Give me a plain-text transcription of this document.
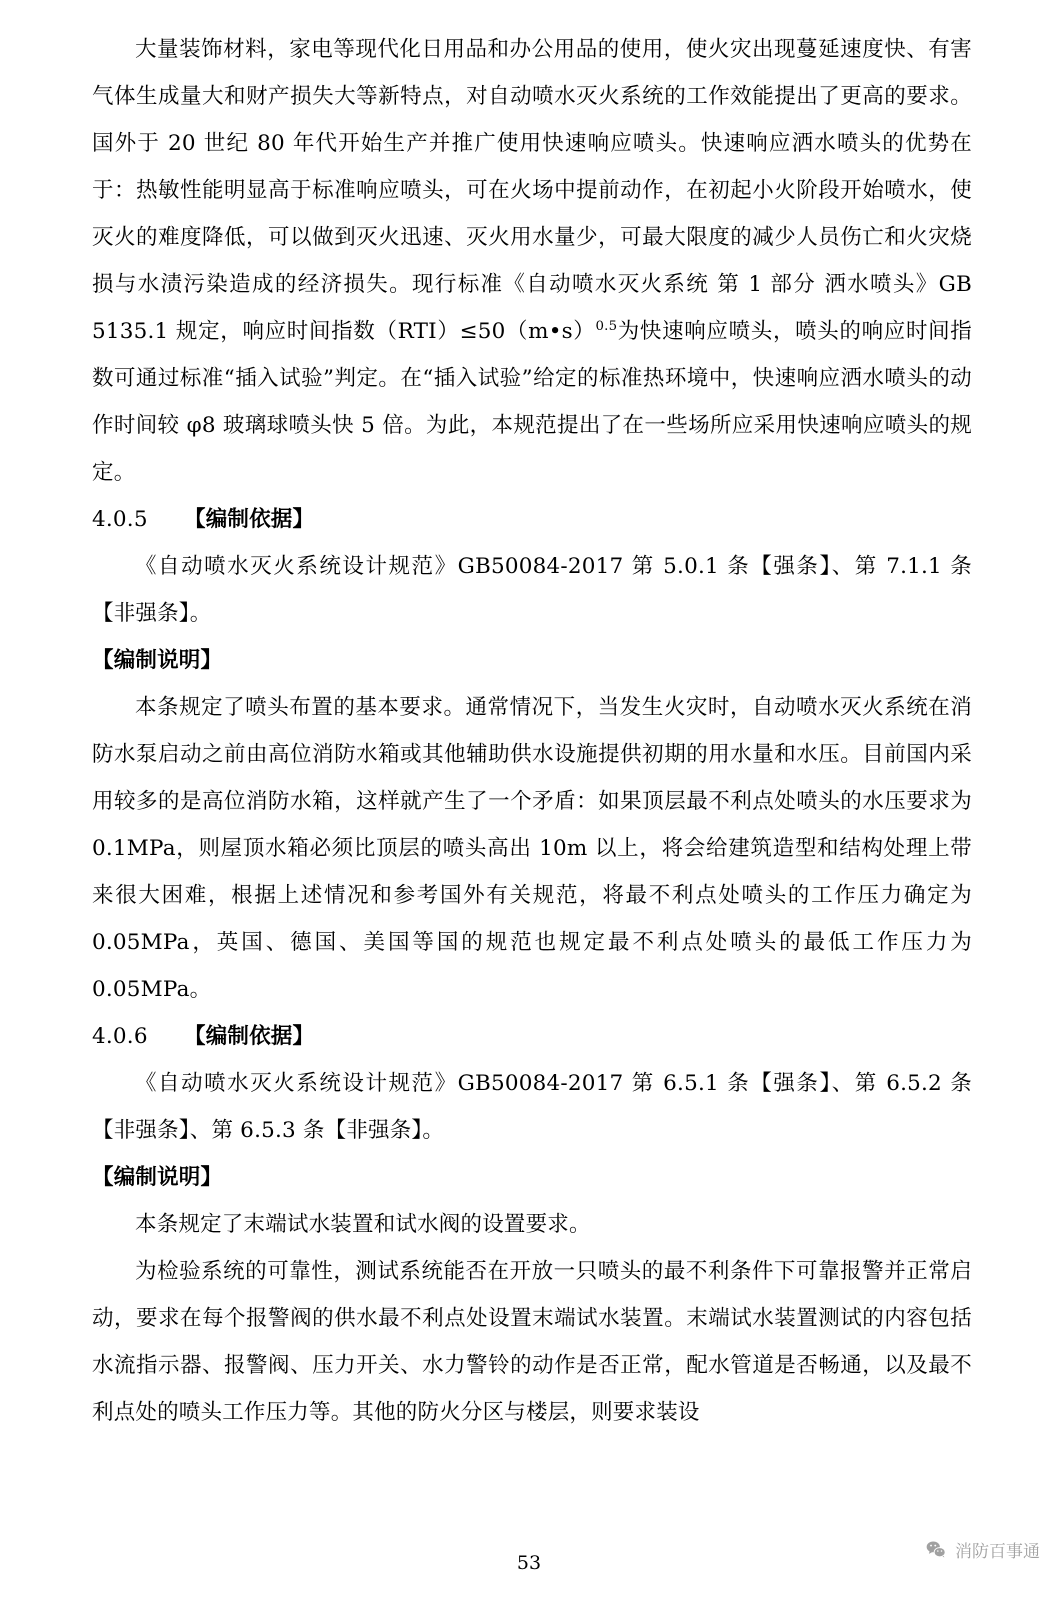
大量装饰材料，家电等现代化日用品和办公用品的使用，使火灾出现蔓延速度快、有害气体生成量大和财产损失大等新特点，对自动喷水灭火系统的工作效能提出了更高的要求。国外于 20 世纪 80 年代开始生产并推广使用快速响应喷头。快速响应洒水喷头的优势在于：热敏性能明显高于标准响应喷头，可在火场中提前动作，在初起小火阶段开始喷水，使灭火的难度降低，可以做到灭火迅速、灭火用水量少，可最大限度的减少人员伤亡和火灾烧损与水渍污染造成的经济损失。现行标准《自动喷水灭火系统 第 1 部分 洒水喷头》GB 5135.1 规定，响应时间指数（RTI）≤50（m•s）$^{0.5}$为快速响应喷头，喷头的响应时间指数可通过标准“插入试验”判定。在“插入试验”给定的标准热环境中，快速响应洒水喷头的动作时间较 φ8 玻璃球喷头快 5 倍。为此，本规范提出了在一些场所应采用快速响应喷头的规定。

4.0.5 【编制依据】

《自动喷水灭火系统设计规范》GB50084-2017 第 5.0.1 条【强条】、第 7.1.1 条【非强条】。

【编制说明】

本条规定了喷头布置的基本要求。通常情况下，当发生火灾时，自动喷水灭火系统在消防水泵启动之前由高位消防水箱或其他辅助供水设施提供初期的用水量和水压。目前国内采用较多的是高位消防水箱，这样就产生了一个矛盾：如果顶层最不利点处喷头的水压要求为 0.1MPa，则屋顶水箱必须比顶层的喷头高出 10m 以上，将会给建筑造型和结构处理上带来很大困难，根据上述情况和参考国外有关规范，将最不利点处喷头的工作压力确定为 0.05MPa，英国、德国、美国等国的规范也规定最不利点处喷头的最低工作压力为 0.05MPa。

4.0.6 【编制依据】

《自动喷水灭火系统设计规范》GB50084-2017 第 6.5.1 条【强条】、第 6.5.2 条【非强条】、第 6.5.3 条【非强条】。

【编制说明】

本条规定了末端试水装置和试水阀的设置要求。

为检验系统的可靠性，测试系统能否在开放一只喷头的最不利条件下可靠报警并正常启动，要求在每个报警阀的供水最不利点处设置末端试水装置。末端试水装置测试的内容包括水流指示器、报警阀、压力开关、水力警铃的动作是否正常，配水管道是否畅通，以及最不利点处的喷头工作压力等。其他的防火分区与楼层，则要求装设

53	消防百事通
